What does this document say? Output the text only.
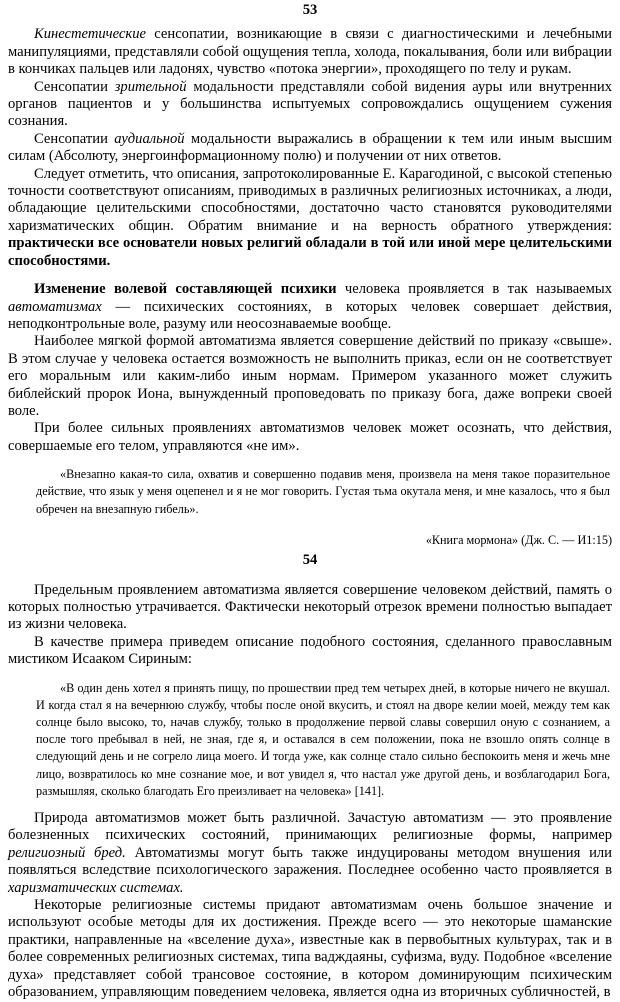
53

Кинестетические сенсопатии, возникающие в связи с диагностическими и лечебными манипуляциями, представляли собой ощущения тепла, холода, покалывания, боли или вибрации в кончиках пальцев или ладонях, чувство «потока энергии», проходящего по телу и рукам.

Сенсопатии зрительной модальности представляли собой видения ауры или внутренних органов пациентов и у большинства испытуемых сопровождались ощущением сужения сознания.

Сенсопатии аудиальной модальности выражались в обращении к тем или иным высшим силам (Абсолюту, энергоинформационному полю) и получении от них ответов.

Следует отметить, что описания, запротоколированные Е. Карагодиной, с высокой степенью точности соответствуют описаниям, приводимых в различных религиозных источниках, а люди, обладающие целительскими способностями, достаточно часто становятся руководителями харизматических общин. Обратим внимание и на верность обратного утверждения: практически все основатели новых религий обладали в той или иной мере целительскими способностями.

Изменение волевой составляющей психики человека проявляется в так называемых автоматизмах — психических состояниях, в которых человек совершает действия, неподконтрольные воле, разуму или неосознаваемые вообще.

Наиболее мягкой формой автоматизма является совершение действий по приказу «свыше». В этом случае у человека остается возможность не выполнить приказ, если он не соответствует его моральным или каким-либо иным нормам. Примером указанного может служить библейский пророк Иона, вынужденный проповедовать по приказу бога, даже вопреки своей воле.

При более сильных проявлениях автоматизмов человек может осознать, что действия, совершаемые его телом, управляются «не им».

«Внезапно какая-то сила, охватив и совершенно подавив меня, произвела на меня такое поразительное действие, что язык у меня оцепенел и я не мог говорить. Густая тьма окутала меня, и мне казалось, что я был обречен на внезапную гибель».

«Книга мормона» (Дж. С. — И1:15)

54

Предельным проявлением автоматизма является совершение человеком действий, память о которых полностью утрачивается. Фактически некоторый отрезок времени полностью выпадает из жизни человека.

В качестве примера приведем описание подобного состояния, сделанного православным мистиком Исааком Сириным:

«В один день хотел я принять пищу, по прошествии пред тем четырех дней, в которые ничего не вкушал. И когда стал я на вечернюю службу, чтобы после оной вкусить, и стоял на дворе келии моей, между тем как солнце было высоко, то, начав службу, только в продолжение первой славы совершил оную с сознанием, а после того пребывал в ней, не зная, где я, и оставался в сем положении, пока не взошло опять солнце в следующий день и не согрело лица моего. И тогда уже, как солнце стало сильно беспокоить меня и жечь мне лицо, возвратилось ко мне сознание мое, и вот увидел я, что настал уже другой день, и возблагодарил Бога, размышляя, сколько благодать Его преизливает на человека» [141].

Природа автоматизмов может быть различной. Зачастую автоматизм — это проявление болезненных психических состояний, принимающих религиозные формы, например религиозный бред. Автоматизмы могут быть также индуцированы методом внушения или появляться вследствие психологического заражения. Последнее особенно часто проявляется в харизматических системах.

Некоторые религиозные системы придают автоматизмам очень большое значение и используют особые методы для их достижения. Прежде всего — это некоторые шаманские практики, направленные на «вселение духа», известные как в первобытных культурах, так и в более современных религиозных системах, типа вадждаяны, суфизма, вуду. Подобное «вселение духа» представляет собой трансовое состояние, в котором доминирующим психическим образованием, управляющим поведением человека, является одна из вторичных субличностей, в
